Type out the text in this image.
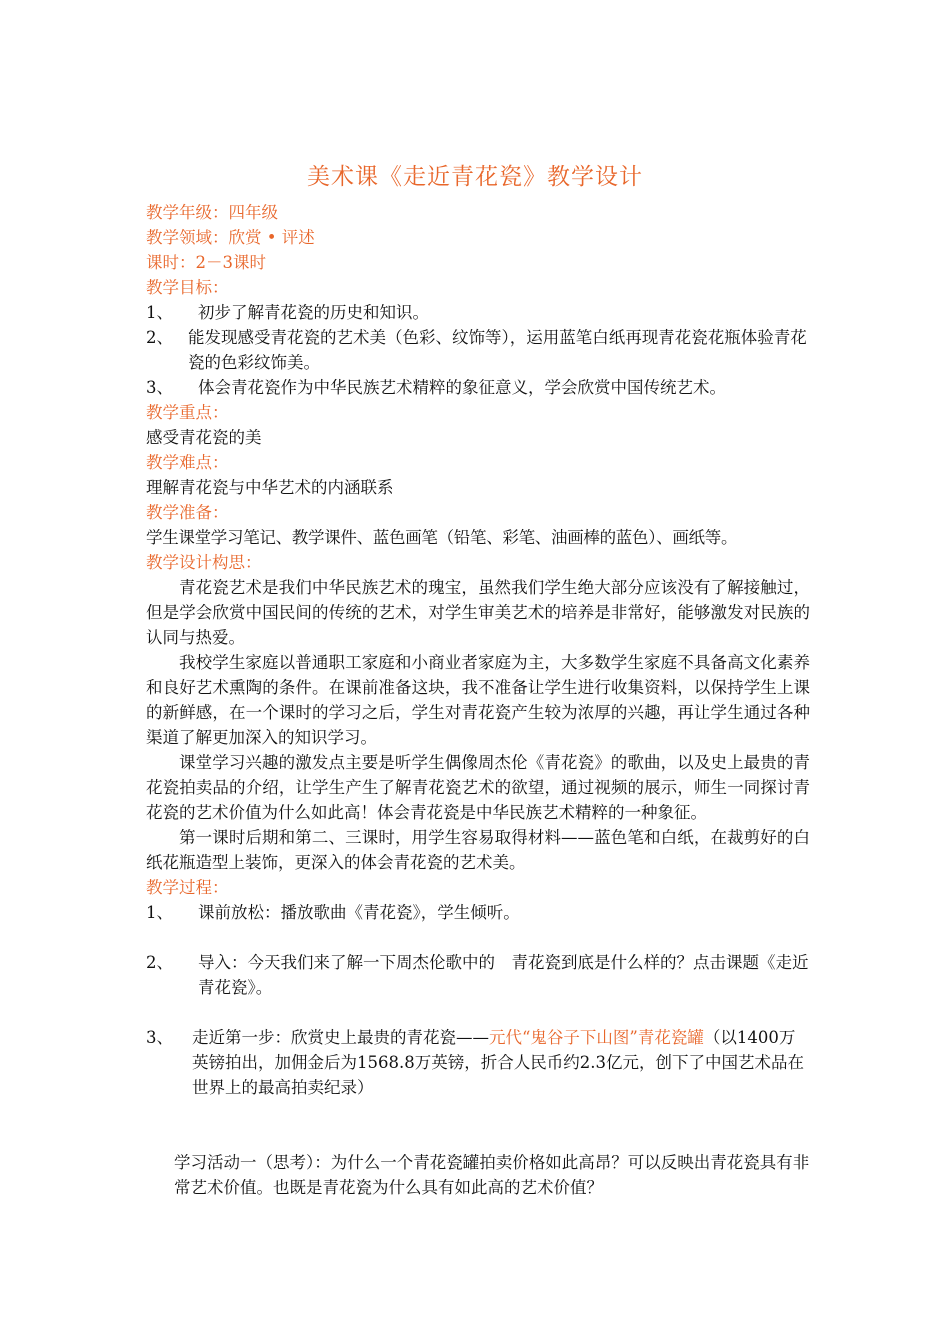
美术课《走近青花瓷》教学设计
教学年级：四年级
教学领域：欣赏 • 评述
课时：2－3课时
教学目标：
1、	初步了解青花瓷的历史和知识。
2、 能发现感受青花瓷的艺术美（色彩、纹饰等），运用蓝笔白纸再现青花瓷花瓶体验青花瓷的色彩纹饰美。
3、	体会青花瓷作为中华民族艺术精粹的象征意义，学会欣赏中国传统艺术。
教学重点：
感受青花瓷的美
教学难点：
理解青花瓷与中华艺术的内涵联系
教学准备：
学生课堂学习笔记、教学课件、蓝色画笔（铅笔、彩笔、油画棒的蓝色）、画纸等。
教学设计构思：
青花瓷艺术是我们中华民族艺术的瑰宝，虽然我们学生绝大部分应该没有了解接触过，但是学会欣赏中国民间的传统的艺术，对学生审美艺术的培养是非常好，能够激发对民族的认同与热爱。
我校学生家庭以普通职工家庭和小商业者家庭为主，大多数学生家庭不具备高文化素养和良好艺术熏陶的条件。在课前准备这块，我不准备让学生进行收集资料，以保持学生上课的新鲜感，在一个课时的学习之后，学生对青花瓷产生较为浓厚的兴趣，再让学生通过各种渠道了解更加深入的知识学习。
课堂学习兴趣的激发点主要是听学生偶像周杰伦《青花瓷》的歌曲，以及史上最贵的青花瓷拍卖品的介绍，让学生产生了解青花瓷艺术的欲望，通过视频的展示，师生一同探讨青花瓷的艺术价值为什么如此高！体会青花瓷是中华民族艺术精粹的一种象征。
第一课时后期和第二、三课时，用学生容易取得材料——蓝色笔和白纸，在裁剪好的白纸花瓶造型上装饰，更深入的体会青花瓷的艺术美。
教学过程：
1、	课前放松：播放歌曲《青花瓷》，学生倾听。
2、	导入：今天我们来了解一下周杰伦歌中的　青花瓷到底是什么样的？点击课题《走近青花瓷》。
3、	走近第一步：欣赏史上最贵的青花瓷——元代“鬼谷子下山图”青花瓷罐（以1400万英镑拍出，加佣金后为1568.8万英镑，折合人民币约2.3亿元，创下了中国艺术品在世界上的最高拍卖纪录）
学习活动一（思考）：为什么一个青花瓷罐拍卖价格如此高昂？可以反映出青花瓷具有非常艺术价值。也既是青花瓷为什么具有如此高的艺术价值？
